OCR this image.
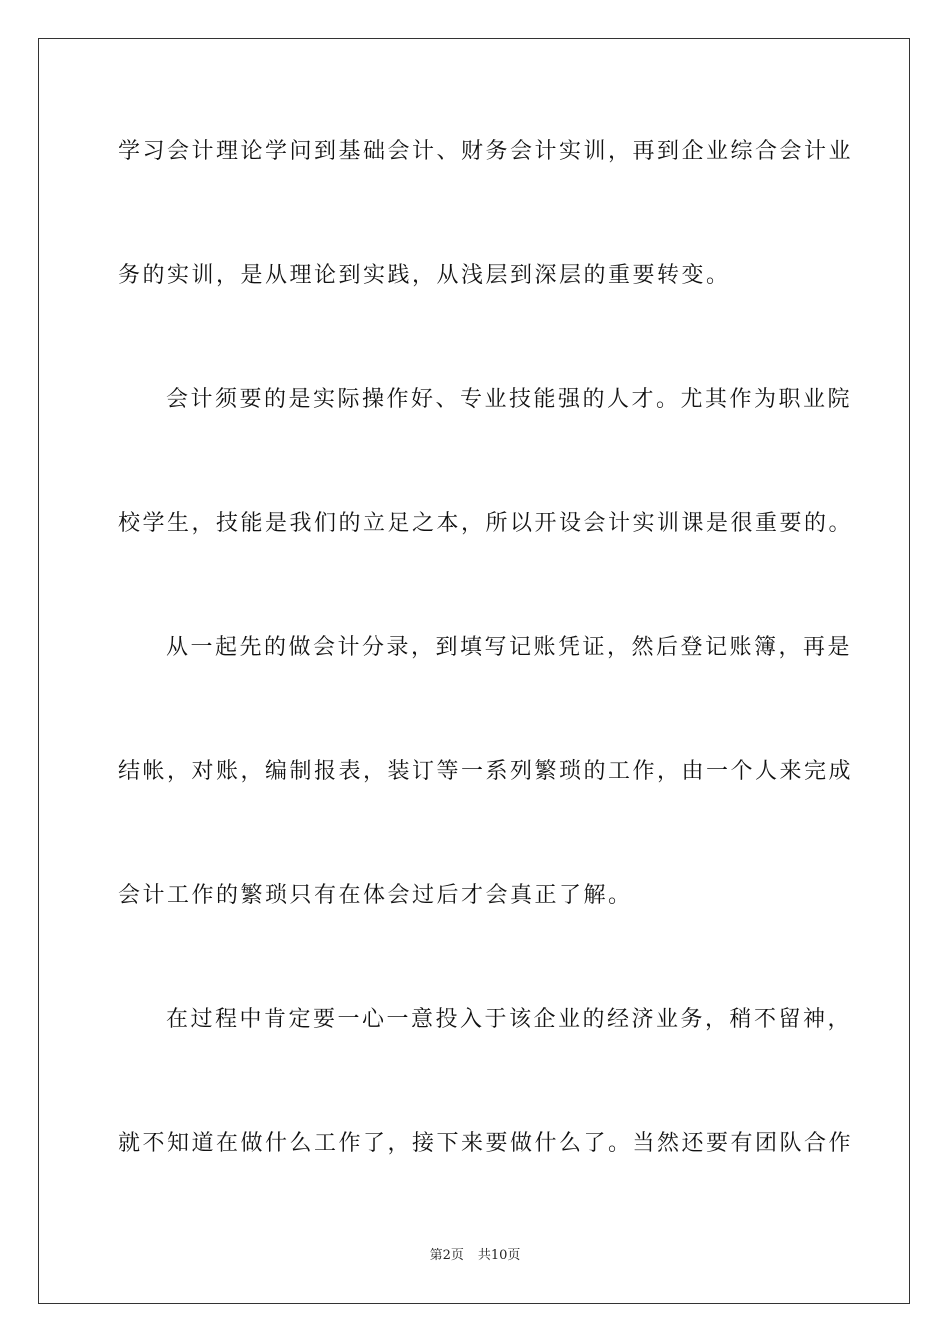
学习会计理论学问到基础会计、财务会计实训，再到企业综合会计业
务的实训，是从理论到实践，从浅层到深层的重要转变。
会计须要的是实际操作好、专业技能强的人才。尤其作为职业院
校学生，技能是我们的立足之本，所以开设会计实训课是很重要的。
从一起先的做会计分录，到填写记账凭证，然后登记账簿，再是
结帐，对账，编制报表，装订等一系列繁琐的工作，由一个人来完成
会计工作的繁琐只有在体会过后才会真正了解。
在过程中肯定要一心一意投入于该企业的经济业务，稍不留神，
就不知道在做什么工作了，接下来要做什么了。当然还要有团队合作
第2页 共10页
